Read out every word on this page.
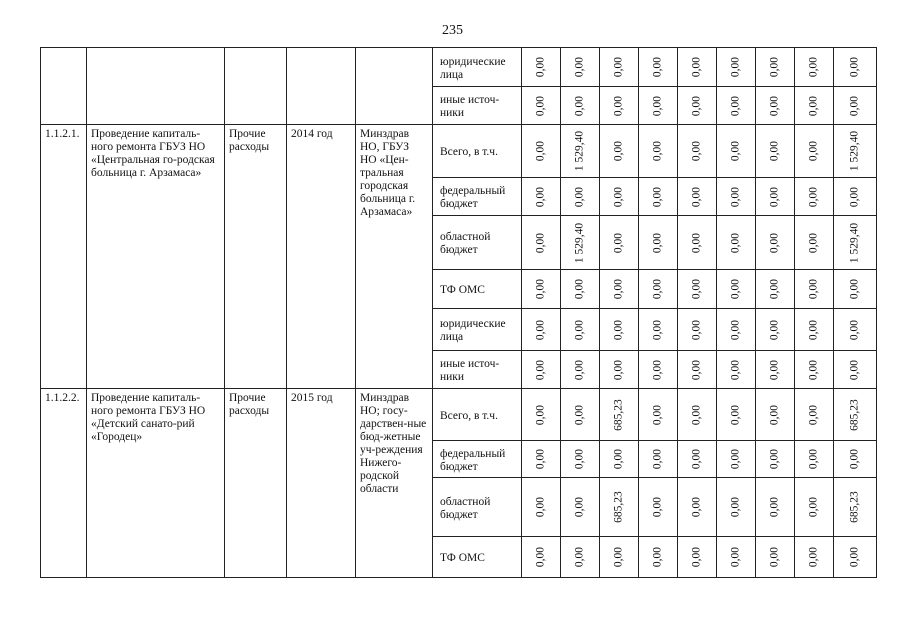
235
					юридические лица	0,00	0,00	0,00	0,00	0,00	0,00	0,00	0,00	0,00

					иные источ-ники	0,00	0,00	0,00	0,00	0,00	0,00	0,00	0,00	0,00

1.1.2.1.	Проведение капиталь-ного ремонта ГБУЗ НО «Центральная го-родская больница г. Арзамаса»	Прочие расходы	2014 год	Минздрав НО, ГБУЗ НО «Цен-тральная городская больница г. Арзамаса»	Всего, в т.ч.	0,00	1 529,40	0,00	0,00	0,00	0,00	0,00	0,00	1 529,40

					федеральный бюджет	0,00	0,00	0,00	0,00	0,00	0,00	0,00	0,00	0,00

					областной бюджет	0,00	1 529,40	0,00	0,00	0,00	0,00	0,00	0,00	1 529,40

					ТФ ОМС	0,00	0,00	0,00	0,00	0,00	0,00	0,00	0,00	0,00

					юридические лица	0,00	0,00	0,00	0,00	0,00	0,00	0,00	0,00	0,00

					иные источ-ники	0,00	0,00	0,00	0,00	0,00	0,00	0,00	0,00	0,00

1.1.2.2.	Проведение капиталь-ного ремонта ГБУЗ НО «Детский санато-рий «Городец»	Прочие расходы	2015 год	Минздрав НО; госу-дарствен-ные бюд-жетные уч-реждения Нижего-родской области	Всего, в т.ч.	0,00	0,00	685,23	0,00	0,00	0,00	0,00	0,00	685,23

					федеральный бюджет	0,00	0,00	0,00	0,00	0,00	0,00	0,00	0,00	0,00

					областной бюджет	0,00	0,00	685,23	0,00	0,00	0,00	0,00	0,00	685,23

					ТФ ОМС	0,00	0,00	0,00	0,00	0,00	0,00	0,00	0,00	0,00
